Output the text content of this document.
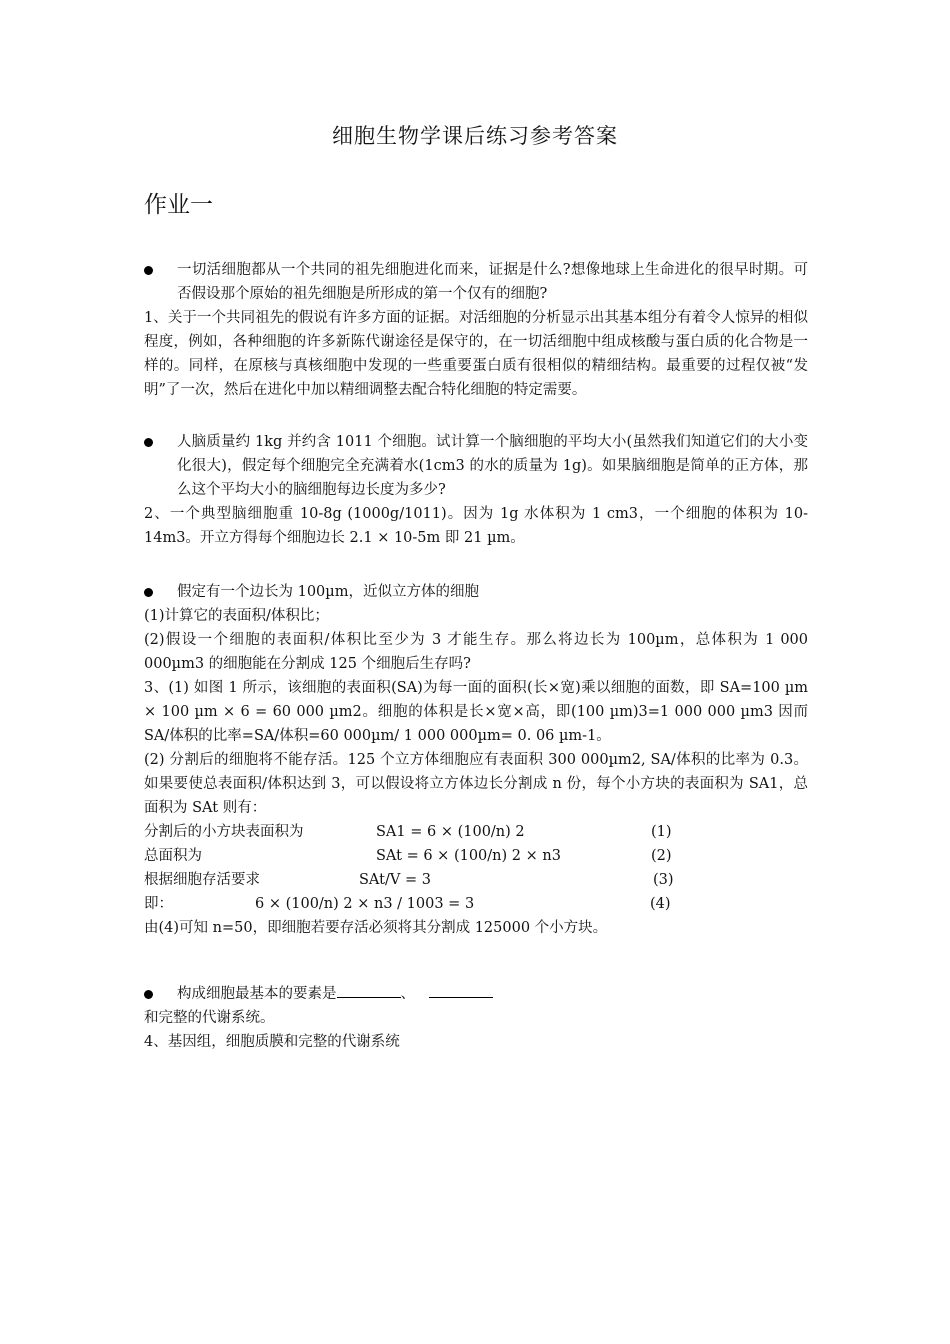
细胞生物学课后练习参考答案
作业一
一切活细胞都从一个共同的祖先细胞进化而来，证据是什么?想像地球上生命进化的很早时期。可否假设那个原始的祖先细胞是所形成的第一个仅有的细胞?
1、关于一个共同祖先的假说有许多方面的证据。对活细胞的分析显示出其基本组分有着令人惊异的相似程度，例如，各种细胞的许多新陈代谢途径是保守的，在一切活细胞中组成核酸与蛋白质的化合物是一样的。同样，在原核与真核细胞中发现的一些重要蛋白质有很相似的精细结构。最重要的过程仅被“发明”了一次，然后在进化中加以精细调整去配合特化细胞的特定需要。
人脑质量约 1kg 并约含 1011 个细胞。试计算一个脑细胞的平均大小(虽然我们知道它们的大小变化很大)，假定每个细胞完全充满着水(1cm3 的水的质量为 1g)。如果脑细胞是简单的正方体，那么这个平均大小的脑细胞每边长度为多少?
2、一个典型脑细胞重 10-8g (1000g/1011)。因为 1g 水体积为 1 cm3，一个细胞的体积为 10-14m3。开立方得每个细胞边长 2.1 × 10-5m 即 21 µm。
假定有一个边长为 100µm，近似立方体的细胞
(1)计算它的表面积/体积比；
(2)假设一个细胞的表面积/体积比至少为 3 才能生存。那么将边长为 100µm，总体积为 1 000 000µm3 的细胞能在分割成 125 个细胞后生存吗?
3、(1) 如图 1 所示，该细胞的表面积(SA)为每一面的面积(长×宽)乘以细胞的面数，即 SA=100 µm × 100 µm × 6 = 60 000 µm2。细胞的体积是长×宽×高，即(100 µm)3=1 000 000 µm3 因而 SA/体积的比率=SA/体积=60 000µm/ 1 000 000µm= 0. 06 µm-1。
(2) 分割后的细胞将不能存活。125 个立方体细胞应有表面积 300 000µm2, SA/体积的比率为 0.3。如果要使总表面积/体积达到 3，可以假设将立方体边长分割成 n 份，每个小方块的表面积为 SA1，总面积为 SAt 则有：
分割后的小方块表面积为	SA1 = 6 × (100/n) 2	(1)
总面积为	SAt = 6 × (100/n) 2 × n3	(2)
根据细胞存活要求	SAt/V = 3	(3)
即：	6 × (100/n) 2 × n3 / 1003 = 3	(4)
由(4)可知 n=50，即细胞若要存活必须将其分割成 125000 个小方块。
构成细胞最基本的要素是	、
和完整的代谢系统。
4、基因组，细胞质膜和完整的代谢系统
